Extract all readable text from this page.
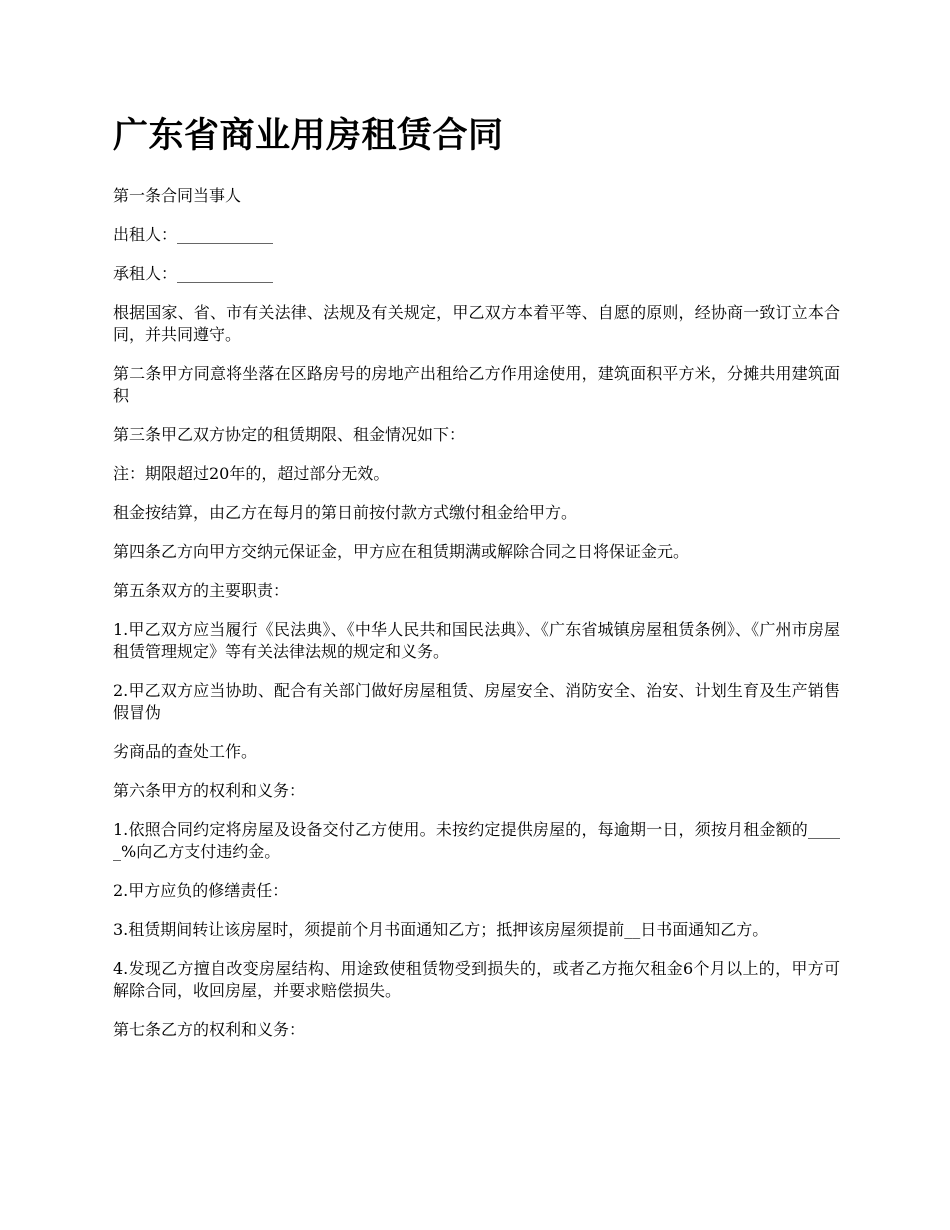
广东省商业用房租赁合同

第一条合同当事人

出租人：____________

承租人：____________

根据国家、省、市有关法律、法规及有关规定，甲乙双方本着平等、自愿的原则，经协商一致订立本合同，并共同遵守。

第二条甲方同意将坐落在区路房号的房地产出租给乙方作用途使用，建筑面积平方米，分摊共用建筑面积

第三条甲乙双方协定的租赁期限、租金情况如下：

注：期限超过20年的，超过部分无效。

租金按结算，由乙方在每月的第日前按付款方式缴付租金给甲方。

第四条乙方向甲方交纳元保证金，甲方应在租赁期满或解除合同之日将保证金元。

第五条双方的主要职责：

1.甲乙双方应当履行《民法典》、《中华人民共和国民法典》、《广东省城镇房屋租赁条例》、《广州市房屋租赁管理规定》等有关法律法规的规定和义务。

2.甲乙双方应当协助、配合有关部门做好房屋租赁、房屋安全、消防安全、治安、计划生育及生产销售假冒伪

劣商品的查处工作。

第六条甲方的权利和义务：

1.依照合同约定将房屋及设备交付乙方使用。未按约定提供房屋的，每逾期一日，须按月租金额的_____%向乙方支付违约金。

2.甲方应负的修缮责任：

3.租赁期间转让该房屋时，须提前个月书面通知乙方；抵押该房屋须提前__日书面通知乙方。

4.发现乙方擅自改变房屋结构、用途致使租赁物受到损失的，或者乙方拖欠租金6个月以上的，甲方可解除合同，收回房屋，并要求赔偿损失。

第七条乙方的权利和义务：
